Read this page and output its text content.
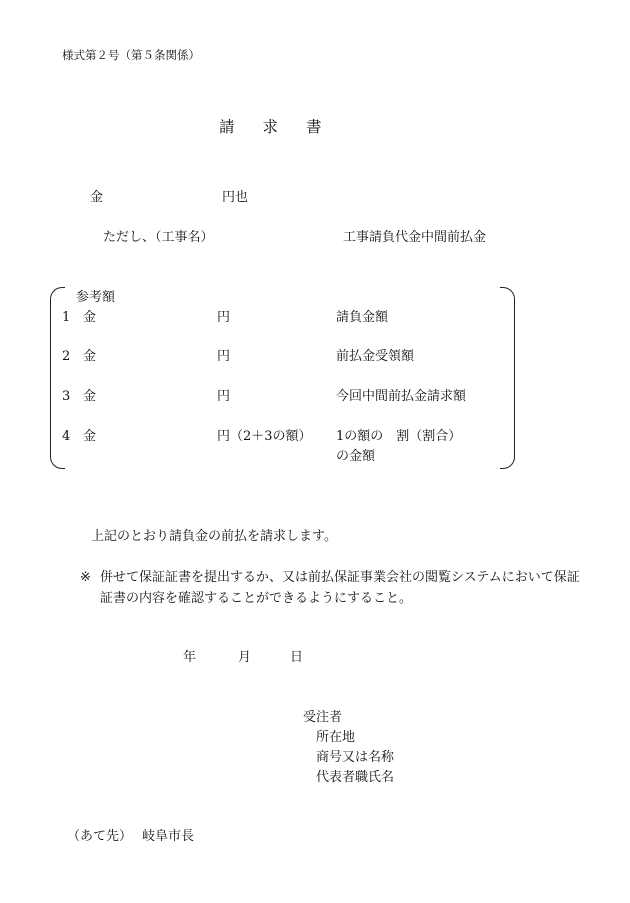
様式第２号（第５条関係）
請 求 書
金	円也
ただし、（工事名）	工事請負代金中間前払金
参考額
1 金	円	請負金額
2 金	円	前払金受領額
3 金	円	今回中間前払金請求額
4 金	円（2＋3の額） 1の額の　割（割合）
の金額
上記のとおり請負金の前払を請求します。
※ 併せて保証証書を提出するか、又は前払保証事業会社の閲覧システムにおいて保証証書の内容を確認することができるようにすること。
年	月	日
受注者
所在地
商号又は名称
代表者職氏名
（あて先） 岐阜市長
